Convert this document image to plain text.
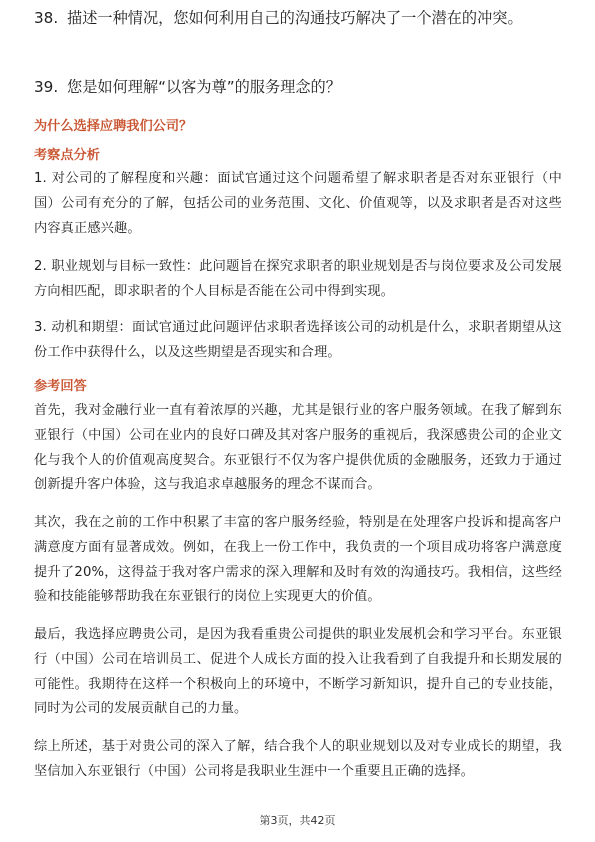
38. 描述一种情况，您如何利用自己的沟通技巧解决了一个潜在的冲突。
39. 您是如何理解“以客为尊”的服务理念的？
为什么选择应聘我们公司？
考察点分析
1. 对公司的了解程度和兴趣：面试官通过这个问题希望了解求职者是否对东亚银行（中国）公司有充分的了解，包括公司的业务范围、文化、价值观等，以及求职者是否对这些内容真正感兴趣。
2. 职业规划与目标一致性：此问题旨在探究求职者的职业规划是否与岗位要求及公司发展方向相匹配，即求职者的个人目标是否能在公司中得到实现。
3. 动机和期望：面试官通过此问题评估求职者选择该公司的动机是什么，求职者期望从这份工作中获得什么，以及这些期望是否现实和合理。
参考回答
首先，我对金融行业一直有着浓厚的兴趣，尤其是银行业的客户服务领域。在我了解到东亚银行（中国）公司在业内的良好口碑及其对客户服务的重视后，我深感贵公司的企业文化与我个人的价值观高度契合。东亚银行不仅为客户提供优质的金融服务，还致力于通过创新提升客户体验，这与我追求卓越服务的理念不谋而合。
其次，我在之前的工作中积累了丰富的客户服务经验，特别是在处理客户投诉和提高客户满意度方面有显著成效。例如，在我上一份工作中，我负责的一个项目成功将客户满意度提升了20%，这得益于我对客户需求的深入理解和及时有效的沟通技巧。我相信，这些经验和技能能够帮助我在东亚银行的岗位上实现更大的价值。
最后，我选择应聘贵公司，是因为我看重贵公司提供的职业发展机会和学习平台。东亚银行（中国）公司在培训员工、促进个人成长方面的投入让我看到了自我提升和长期发展的可能性。我期待在这样一个积极向上的环境中，不断学习新知识，提升自己的专业技能，同时为公司的发展贡献自己的力量。
综上所述，基于对贵公司的深入了解，结合我个人的职业规划以及对专业成长的期望，我坚信加入东亚银行（中国）公司将是我职业生涯中一个重要且正确的选择。
第3页，共42页
